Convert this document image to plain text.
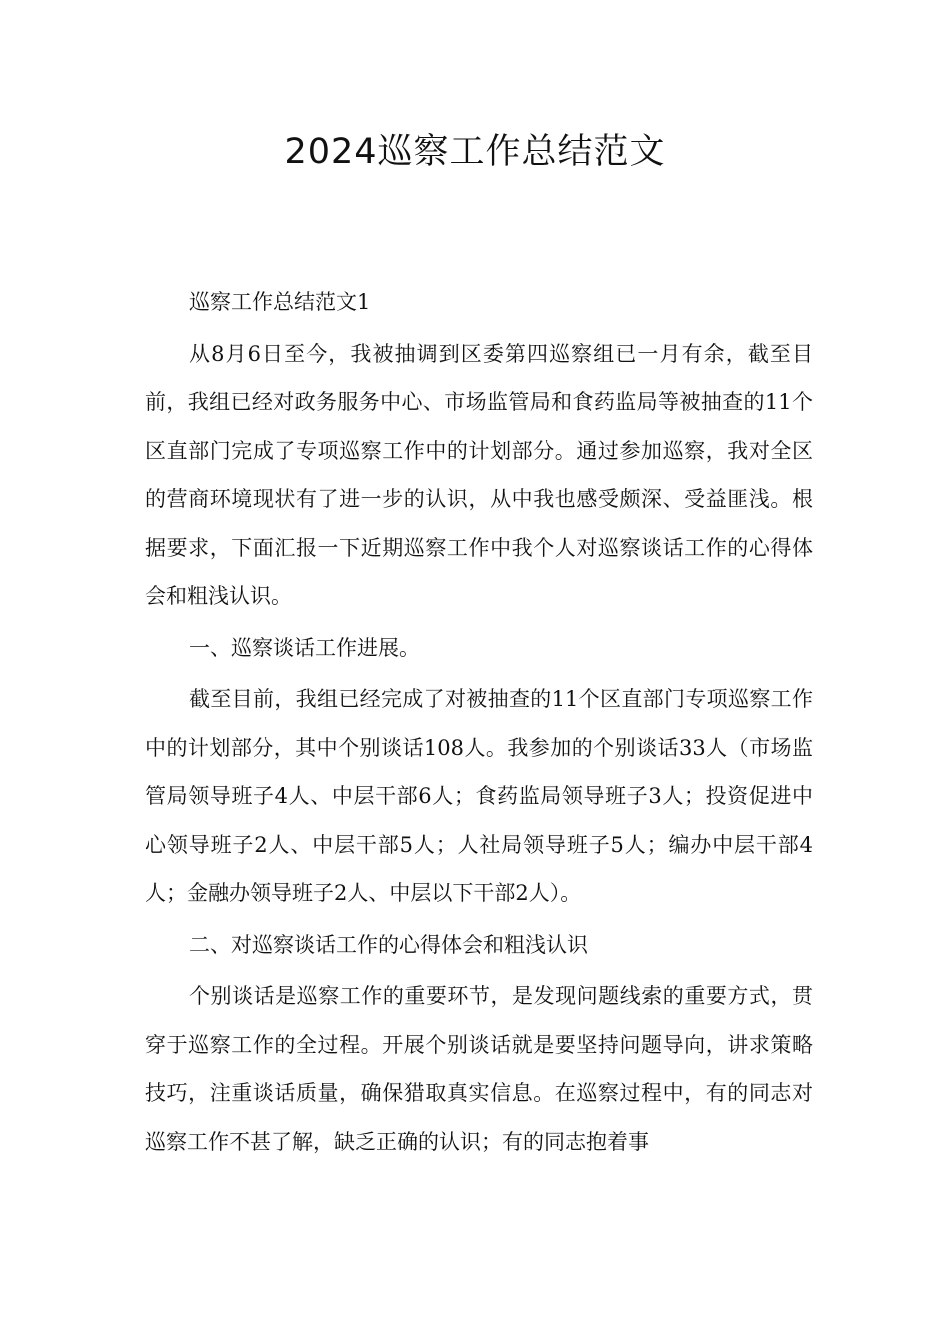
2024巡察工作总结范文

巡察工作总结范文1

从8月6日至今，我被抽调到区委第四巡察组已一月有余，截至目前，我组已经对政务服务中心、市场监管局和食药监局等被抽查的11个区直部门完成了专项巡察工作中的计划部分。通过参加巡察，我对全区的营商环境现状有了进一步的认识，从中我也感受颇深、受益匪浅。根据要求，下面汇报一下近期巡察工作中我个人对巡察谈话工作的心得体会和粗浅认识。

一、巡察谈话工作进展。

截至目前，我组已经完成了对被抽查的11个区直部门专项巡察工作中的计划部分，其中个别谈话108人。我参加的个别谈话33人（市场监管局领导班子4人、中层干部6人；食药监局领导班子3人；投资促进中心领导班子2人、中层干部5人；人社局领导班子5人；编办中层干部4人；金融办领导班子2人、中层以下干部2人）。

二、对巡察谈话工作的心得体会和粗浅认识

个别谈话是巡察工作的重要环节，是发现问题线索的重要方式，贯穿于巡察工作的全过程。开展个别谈话就是要坚持问题导向，讲求策略技巧，注重谈话质量，确保猎取真实信息。在巡察过程中，有的同志对巡察工作不甚了解，缺乏正确的认识；有的同志抱着事
